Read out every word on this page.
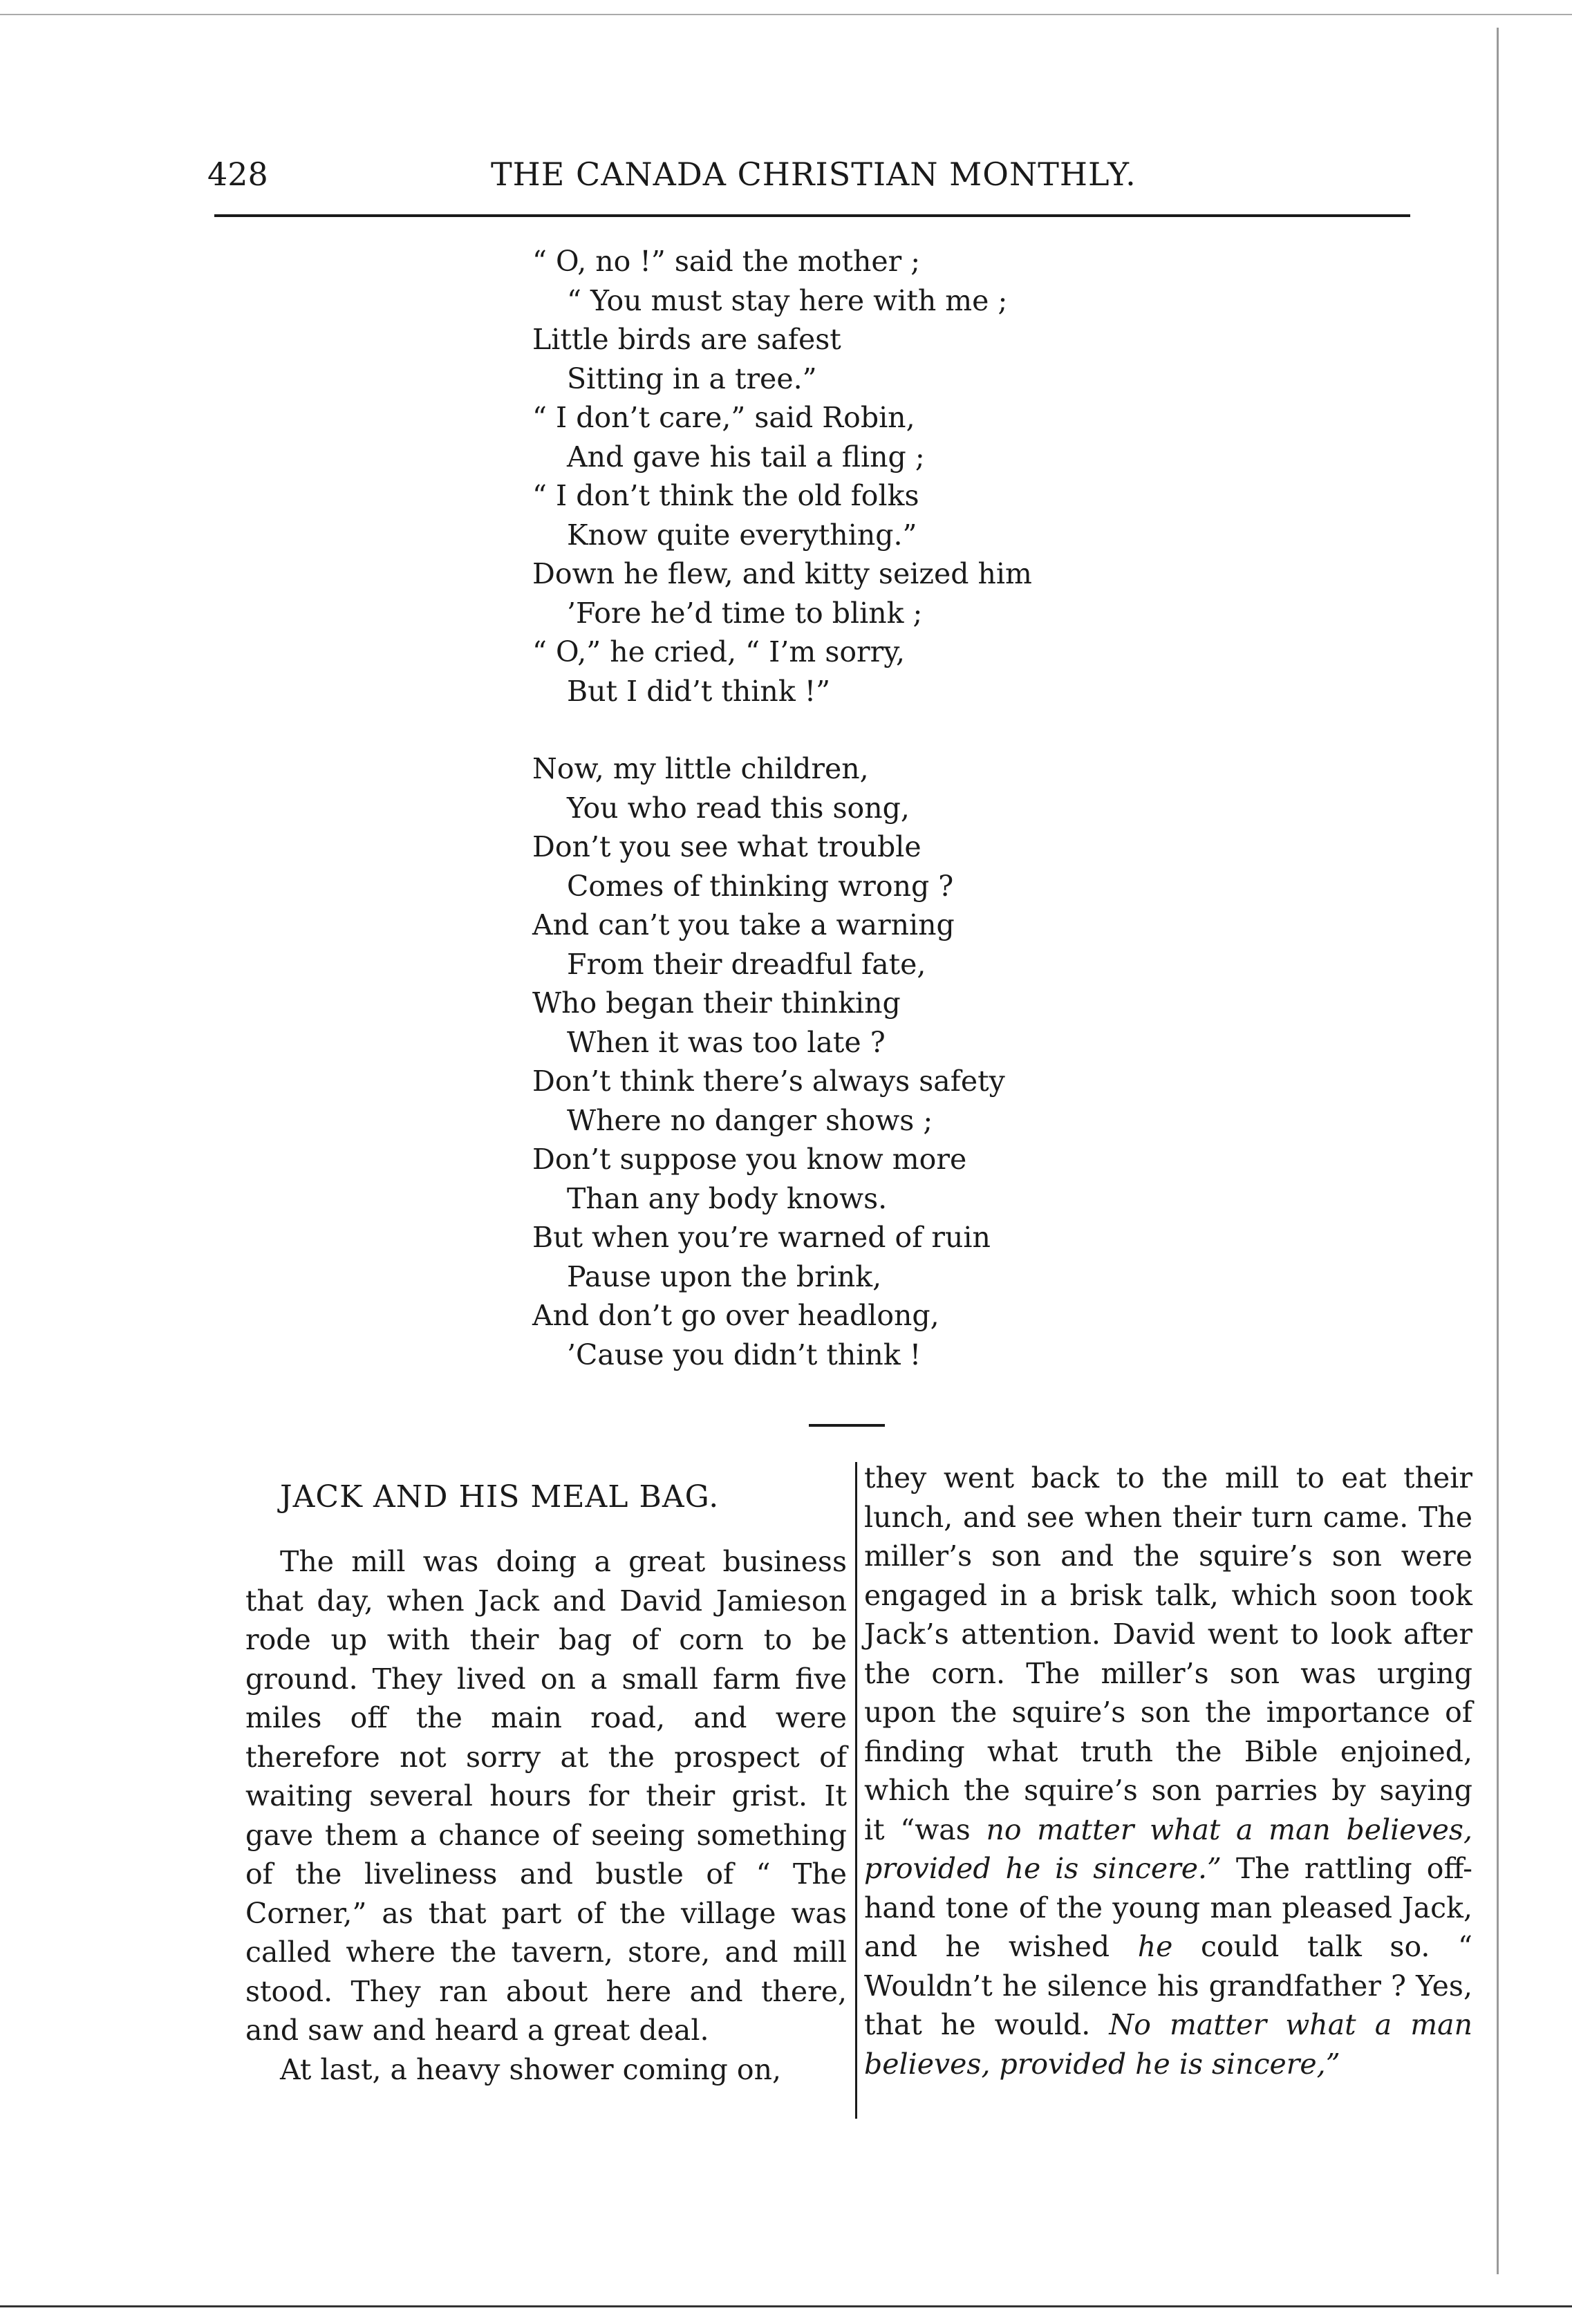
428	THE CANADA CHRISTIAN MONTHLY.
“ O, no !” said the mother ;
“ You must stay here with me ;
Little birds are safest
Sitting in a tree.”
“ I don’t care,” said Robin,
And gave his tail a fling ;
“ I don’t think the old folks
Know quite everything.”
Down he flew, and kitty seized him
’Fore he’d time to blink ;
“ O,” he cried, “ I’m sorry,
But I did’t think !”
Now, my little children,
You who read this song,
Don’t you see what trouble
Comes of thinking wrong ?
And can’t you take a warning
From their dreadful fate,
Who began their thinking
When it was too late ?
Don’t think there’s always safety
Where no danger shows ;
Don’t suppose you know more
Than any body knows.
But when you’re warned of ruin
Pause upon the brink,
And don’t go over headlong,
’Cause you didn’t think !
JACK AND HIS MEAL BAG.

The mill was doing a great business that day, when Jack and David Jamieson rode up with their bag of corn to be ground. They lived on a small farm five miles off the main road, and were therefore not sorry at the prospect of waiting several hours for their grist. It gave them a chance of seeing something of the liveliness and bustle of “ The Corner,” as that part of the village was called where the tavern, store, and mill stood. They ran about here and there, and saw and heard a great deal.

At last, a heavy shower coming on,

they went back to the mill to eat their lunch, and see when their turn came. The miller’s son and the squire’s son were engaged in a brisk talk, which soon took Jack’s attention. David went to look after the corn. The miller’s son was urging upon the squire’s son the importance of finding what truth the Bible enjoined, which the squire’s son parries by saying it “was no matter what a man believes, provided he is sincere.” The rattling off-hand tone of the young man pleased Jack, and he wished he could talk so. “ Wouldn’t he silence his grandfather ? Yes, that he would. No matter what a man believes, provided he is sincere,”
